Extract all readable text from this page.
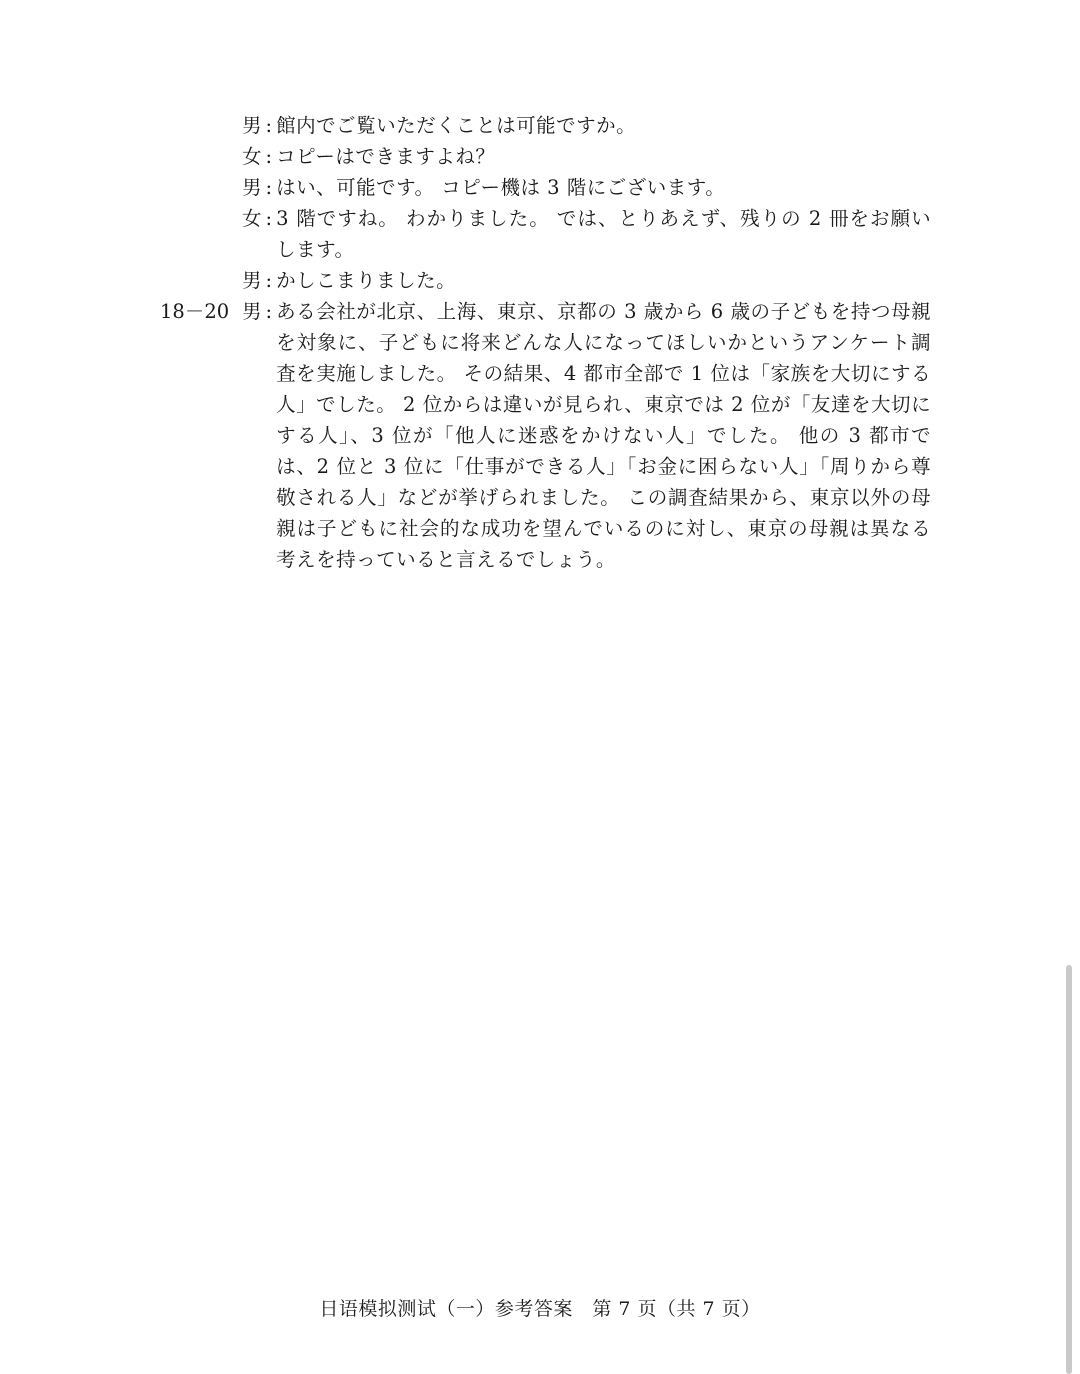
男 : 館内でご覧いただくことは可能ですか。
女 : コピーはできますよね？
男 : はい、可能です。 コピー機は 3 階にございます。
女 : 3 階ですね。 わかりました。 では、とりあえず、残りの 2 冊をお願いします。
男 : かしこまりました。
18－20 男 : ある会社が北京、上海、東京、京都の 3 歳から 6 歳の子どもを持つ母親を対象に、子どもに将来どんな人になってほしいかというアンケート調査を実施しました。 その結果、4 都市全部で 1 位は「家族を大切にする人」でした。 2 位からは違いが見られ、東京では 2 位が「友達を大切にする人」、3 位が「他人に迷惑をかけない人」でした。 他の 3 都市では、2 位と 3 位に「仕事ができる人」「お金に困らない人」「周りから尊敬される人」などが挙げられました。 この調査結果から、東京以外の母親は子どもに社会的な成功を望んでいるのに対し、東京の母親は異なる考えを持っていると言えるでしょう。
日语模拟测试（一）参考答案　第 7 页（共 7 页）
